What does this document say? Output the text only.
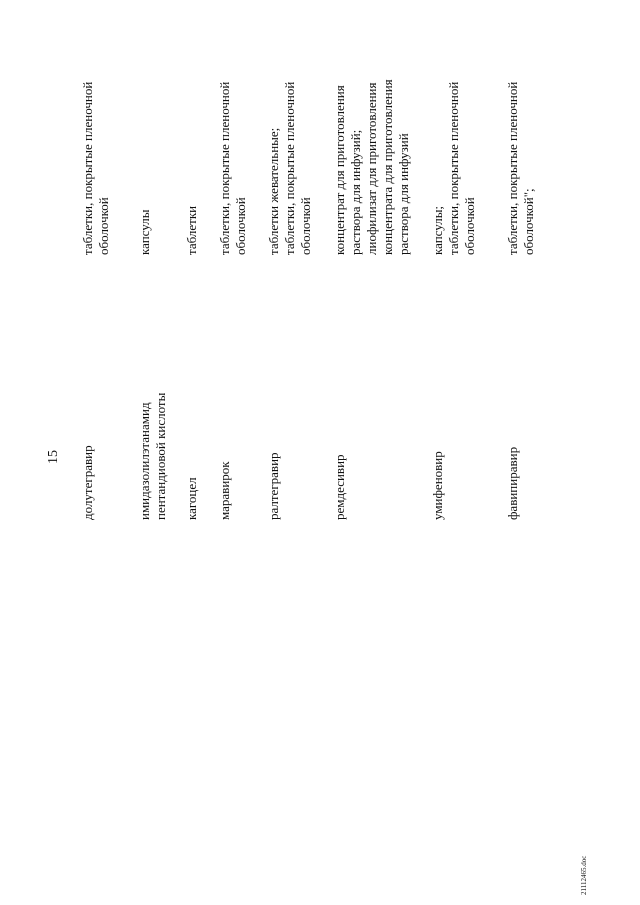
15 долутегравир
таблетки, покрытые пленочной
оболочкой
имидазолилэтанамид
пентандиовой кислоты
капсулы
кагоцел
таблетки
маравирок
таблетки, покрытые пленочной
оболочкой
ралтегравир
таблетки жевательные;
таблетки, покрытые пленочной
оболочкой
ремдесивир
концентрат для приготовления
раствора для инфузий;
лиофилизат для приготовления
концентрата для приготовления
раствора для инфузий
умифеновир
капсулы;
таблетки, покрытые пленочной
оболочкой
фавипиравир
таблетки, покрытые пленочной
оболочкой";
21112465.doc
